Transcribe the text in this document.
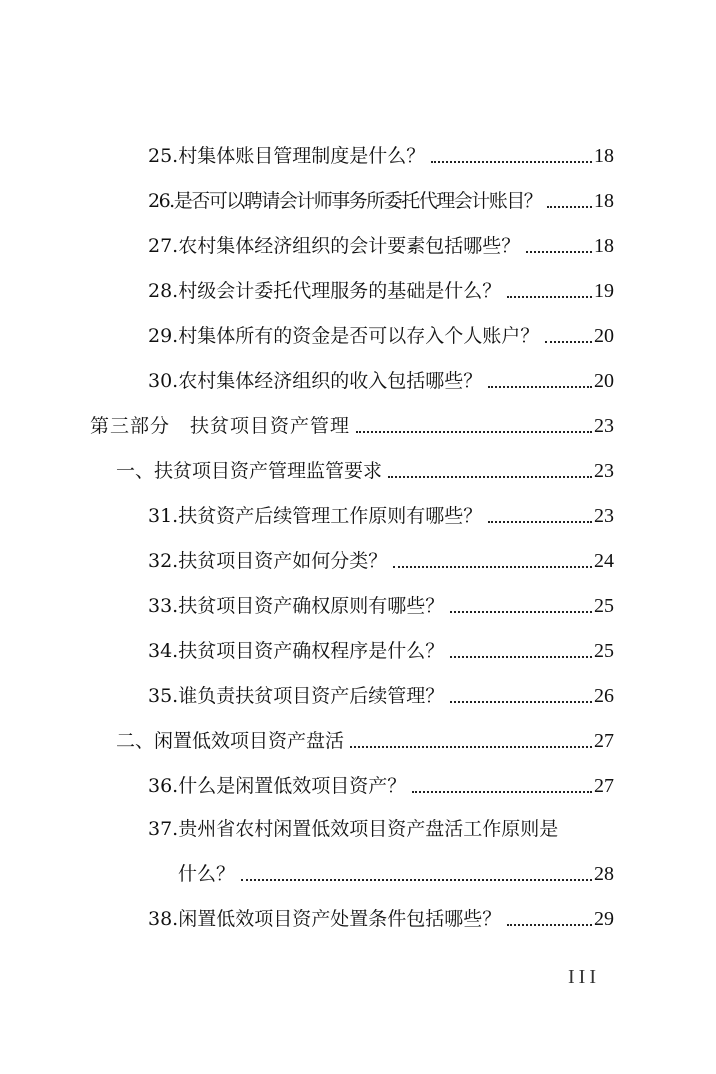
25.村集体账目管理制度是什么？	18
26.是否可以聘请会计师事务所委托代理会计账目？	18
27.农村集体经济组织的会计要素包括哪些？	18
28.村级会计委托代理服务的基础是什么？	19
29.村集体所有的资金是否可以存入个人账户？	20
30.农村集体经济组织的收入包括哪些？	20
第三部分　扶贫项目资产管理	23
一、扶贫项目资产管理监管要求	23
31.扶贫资产后续管理工作原则有哪些？	23
32.扶贫项目资产如何分类？	24
33.扶贫项目资产确权原则有哪些？	25
34.扶贫项目资产确权程序是什么？	25
35.谁负责扶贫项目资产后续管理？	26
二、闲置低效项目资产盘活	27
36.什么是闲置低效项目资产？	27
37.贵州省农村闲置低效项目资产盘活工作原则是
什么？	28
38.闲置低效项目资产处置条件包括哪些？	29
III
